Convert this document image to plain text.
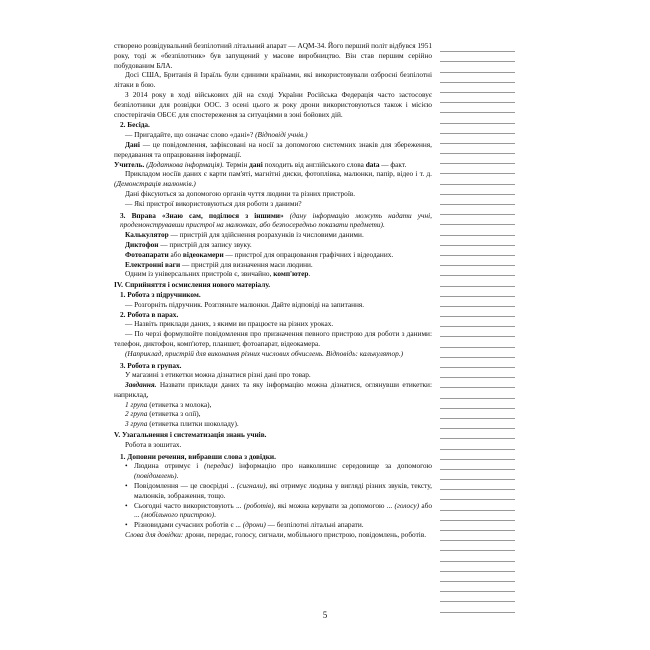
створено розвідувальний безпілотний літальний апарат — AQM-34. Його перший політ відбувся 1951 року, тоді ж «безпілотник» був запущений у масове виробництво. Він став першим серійно побудованим БЛА.

Досі США, Британія й Ізраїль були єдиними країнами, які використовували озброєні безпілотні літаки в бою.

З 2014 року в ході військових дій на сході України Російська Федерація часто застосовує безпілотники для розвідки ООС. З осені цього ж року дрони використовуються також і місією спостерігачів ОБСЄ для спостереження за ситуаціями в зоні бойових дій.

2. Бесіда.

— Пригадайте, що означає слово «дані»? (Відповіді учнів.)

Дані — це повідомлення, зафіксовані на носії за допомогою системних знаків для збереження, передавання та опрацювання інформації.

Учитель. (Додаткова інформація). Термін дані походить від англійського слова data — факт.

Прикладом носіїв даних є карти пам'яті, магнітні диски, фотоплівка, малюнки, папір, відео і т. д. (Демонстрація малюнків.)

Дані фіксуються за допомогою органів чуття людини та різних пристроїв.

— Які пристрої використовуються для роботи з даними?

3. Вправа «Знаю сам, поділюся з іншими» (дану інформацію можуть надати учні, продемонструвавши пристрої на малюнках, або безпосередньо показати предмети).

Калькулятор — пристрій для здійснення розрахунків із числовими даними.

Диктофон — пристрій для запису звуку.

Фотоапарати або відеокамери — пристрої для опрацювання графічних і відеоданих.

Електронні ваги — пристрій для визначення маси людини.

Одним із універсальних пристроїв є, звичайно, комп'ютер.

IV. Сприйняття і осмислення нового матеріалу.

1. Робота з підручником.

— Розгорніть підручник. Розгляньте малюнки. Дайте відповіді на запитання.

2. Робота в парах.

— Назвіть приклади даних, з якими ви працюєте на різних уроках.

— По черзі формулюйте повідомлення про призначення певного пристрою для роботи з даними: телефон, диктофон, комп'ютер, планшет, фотоапарат, відеокамера.

(Наприклад, пристрій для виконання різних числових обчислень. Відповідь: калькулятор.)

3. Робота в групах.

У магазині з етикетки можна дізнатися різні дані про товар.

Завдання. Назвати приклади даних та яку інформацію можна дізнатися, оглянувши етикетки: наприклад,

1 група (етикетка з молока),

2 група (етикетка з олії),

3 група (етикетка плитки шоколаду).

V. Узагальнення і систематизація знань учнів.

Робота в зошитах.

1. Доповни речення, вибравши слова з довідки.

• Людина отримує і (передає) інформацію про навколишнє середовище за допомогою (повідомлень).

• Повідомлення — це своєрідні .. (сигнали), які отримує людина у вигляді різних звуків, тексту, малюнків, зображення, тощо.

• Сьогодні часто використовують ... (роботів), які можна керувати за допомогою ... (голосу) або ... (мобільного пристрою).

• Різновидами сучасних роботів є ... (дрони) — безпілотні літальні апарати.

Слова для довідки: дрони, передає, голосу, сигнали, мобільного пристрою, повідомлень, роботів.

5
